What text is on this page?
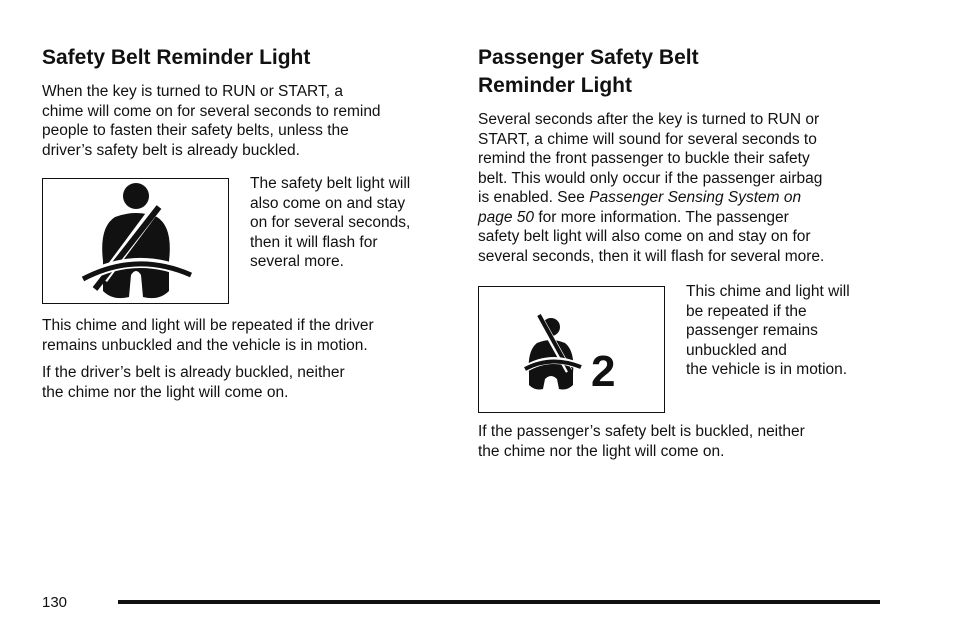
Safety Belt Reminder Light

When the key is turned to RUN or START, a
chime will come on for several seconds to remind
people to fasten their safety belts, unless the
driver’s safety belt is already buckled.

The safety belt light will
also come on and stay
on for several seconds,
then it will flash for
several more.

This chime and light will be repeated if the driver
remains unbuckled and the vehicle is in motion.

If the driver’s belt is already buckled, neither
the chime nor the light will come on.

Passenger Safety Belt
Reminder Light

Several seconds after the key is turned to RUN or
START, a chime will sound for several seconds to
remind the front passenger to buckle their safety
belt. This would only occur if the passenger airbag
is enabled. See Passenger Sensing System on
page 50 for more information. The passenger
safety belt light will also come on and stay on for
several seconds, then it will flash for several more.

2
This chime and light will
be repeated if the
passenger remains
unbuckled and
the vehicle is in motion.

If the passenger’s safety belt is buckled, neither
the chime nor the light will come on.

130
